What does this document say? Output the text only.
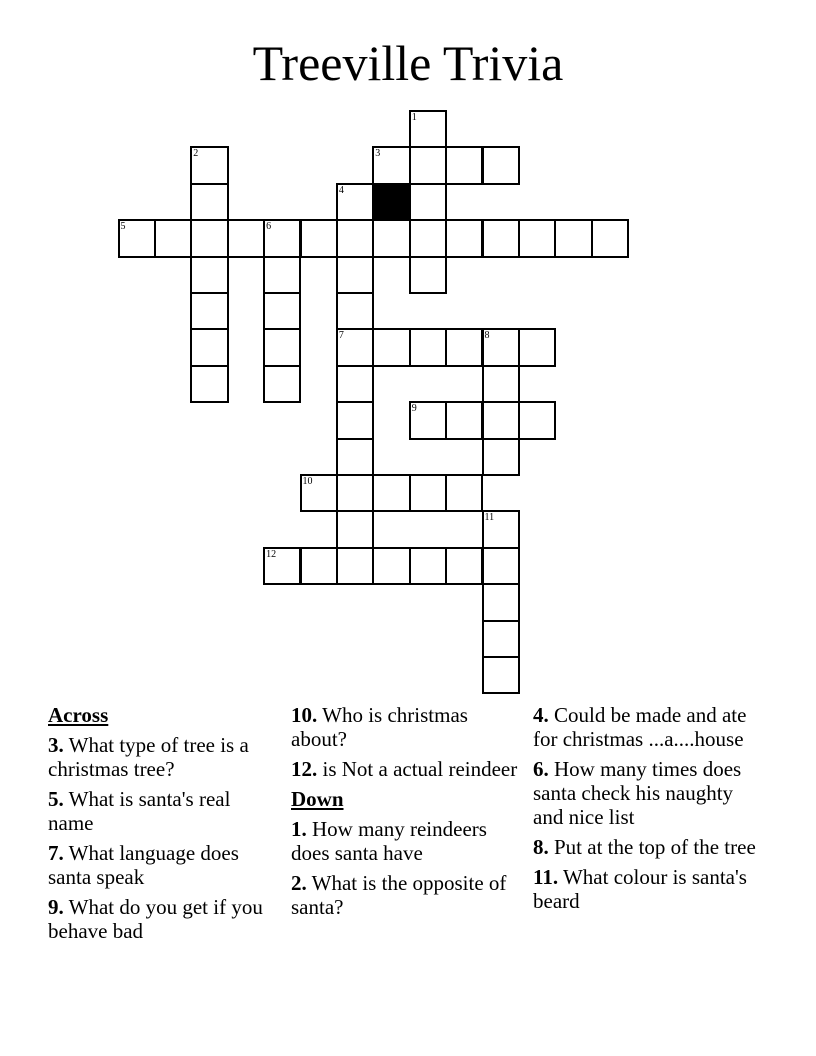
Treeville Trivia
1
2	3
4
5	6
7	8
9
10
11
12
Across
3. What type of tree is a christmas tree?
5. What is santa's real name
7. What language does santa speak
9. What do you get if you behave bad
10. Who is christmas about?
12. is Not a actual reindeer
Down
1. How many reindeers does santa have
2. What is the opposite of santa?
4. Could be made and ate for christmas ...a....house
6. How many times does santa check his naughty and nice list
8. Put at the top of the tree
11. What colour is santa's beard
